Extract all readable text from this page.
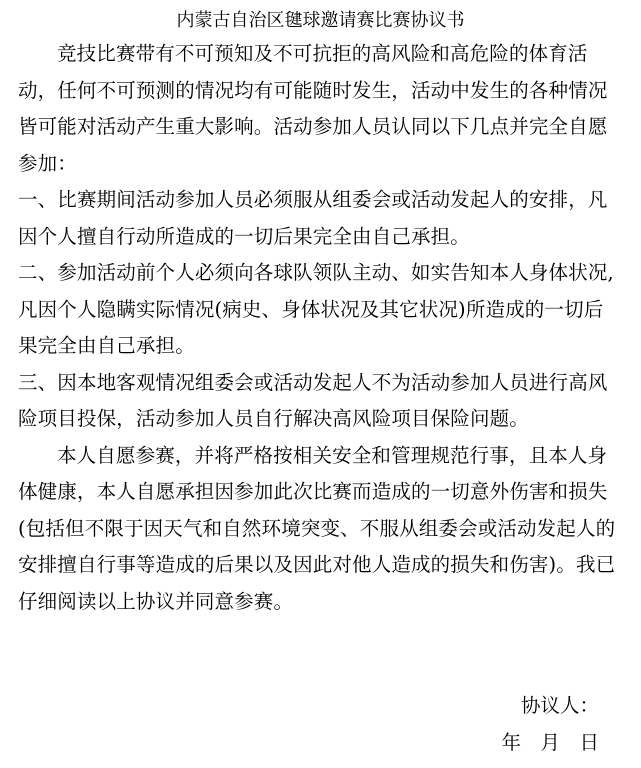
内蒙古自治区毽球邀请赛比赛协议书

竞技比赛带有不可预知及不可抗拒的高风险和高危险的体育活动，任何不可预测的情况均有可能随时发生，活动中发生的各种情况皆可能对活动产生重大影响。活动参加人员认同以下几点并完全自愿参加：

一、比赛期间活动参加人员必须服从组委会或活动发起人的安排，凡因个人擅自行动所造成的一切后果完全由自己承担。

二、参加活动前个人必须向各球队领队主动、如实告知本人身体状况,凡因个人隐瞒实际情况(病史、身体状况及其它状况)所造成的一切后果完全由自己承担。

三、因本地客观情况组委会或活动发起人不为活动参加人员进行高风险项目投保，活动参加人员自行解决高风险项目保险问题。

本人自愿参赛，并将严格按相关安全和管理规范行事，且本人身体健康，本人自愿承担因参加此次比赛而造成的一切意外伤害和损失(包括但不限于因天气和自然环境突变、不服从组委会或活动发起人的安排擅自行事等造成的后果以及因此对他人造成的损失和伤害)。我已仔细阅读以上协议并同意参赛。

协议人：
年 月 日
